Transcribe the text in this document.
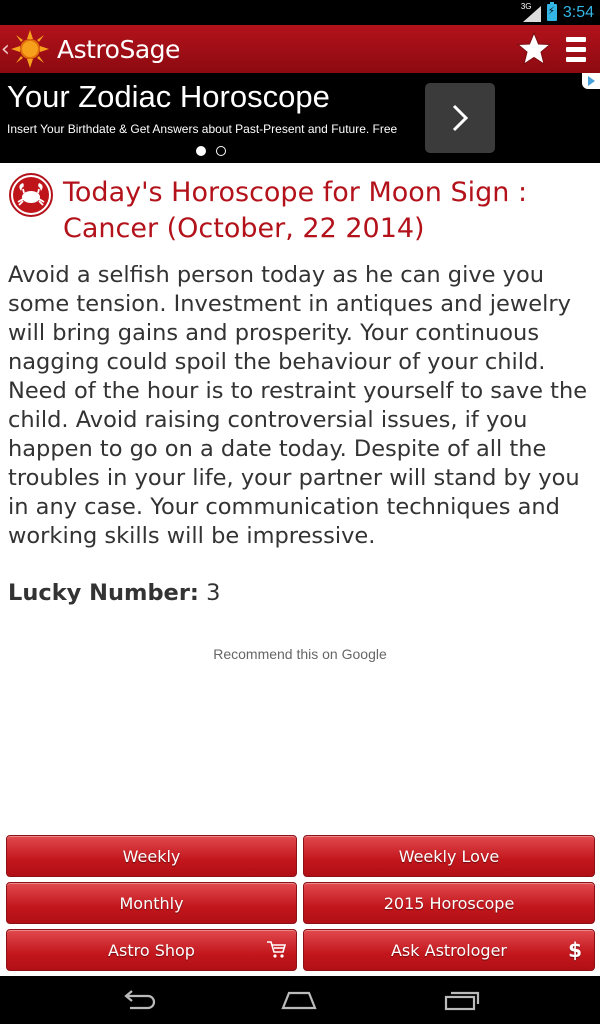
3G ⚡ 3:54
‹ AstroSage
Your Zodiac Horoscope
Insert Your Birthdate & Get Answers about Past-Present and Future. Free
Today's Horoscope for Moon Sign : Cancer (October, 22 2014)

Avoid a selfish person today as he can give you some tension. Investment in antiques and jewelry will bring gains and prosperity. Your continuous nagging could spoil the behaviour of your child. Need of the hour is to restraint yourself to save the child. Avoid raising controversial issues, if you happen to go on a date today. Despite of all the troubles in your life, your partner will stand by you in any case. Your communication techniques and working skills will be impressive.

Lucky Number: 3
Recommend this on Google
Weekly	Weekly Love
Monthly	2015 Horoscope
Astro Shop	Ask Astrologer	$
